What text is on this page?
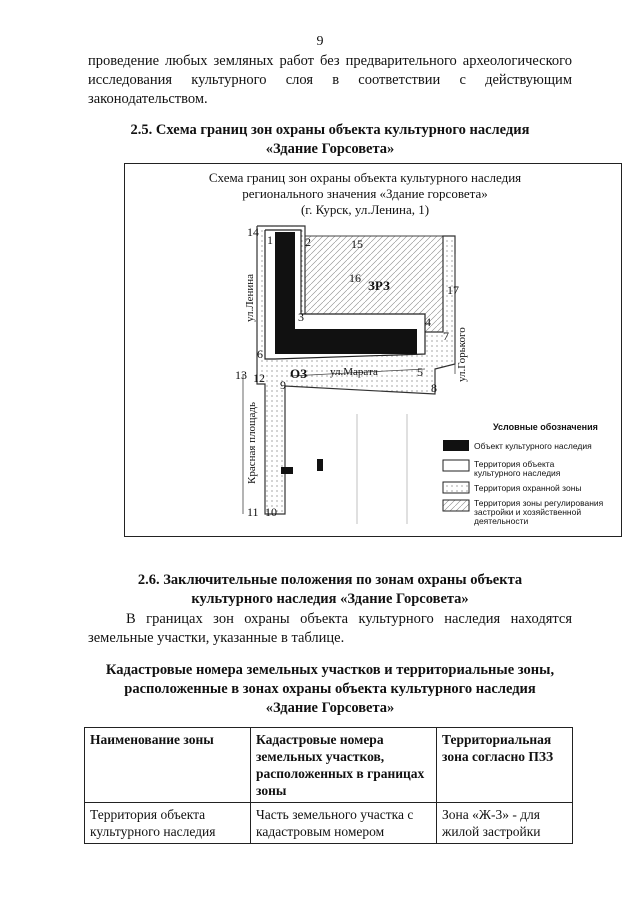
9
проведение любых земляных работ без предварительного археологического исследования культурного слоя в соответствии с действующим законодательством.
2.5. Схема границ зон охраны объекта культурного наследия
«Здание Горсовета»
Схема границ зон охраны объекта культурного наследия
регионального значения «Здание горсовета»
(г. Курск, ул.Ленина, 1)
14
1	2	15
16
3	4
17
7
5
6
13 12 9	8
11 10
ЗРЗ
ОЗ
ул.Ленина
ул.Марата	ул.Горького
Красная площадь	Условные обозначения
Объект культурного наследия
Территория объекта культурного наследия
Территория охранной зоны
Территория зоны регулирования застройки и хозяйственной деятельности
2.6. Заключительные положения по зонам охраны объекта
культурного наследия «Здание Горсовета»
В границах зон охраны объекта культурного наследия находятся земельные участки, указанные в таблице.
Кадастровые номера земельных участков и территориальные зоны,
расположенные в зонах охраны объекта культурного наследия
«Здание Горсовета»
Наименование зоны	Кадастровые номера земельных участков, расположенных в границах зоны	Территориальная зона согласно ПЗЗ
Территория объекта культурного наследия	Часть земельного участка с кадастровым номером	Зона «Ж-3» - для жилой застройки
